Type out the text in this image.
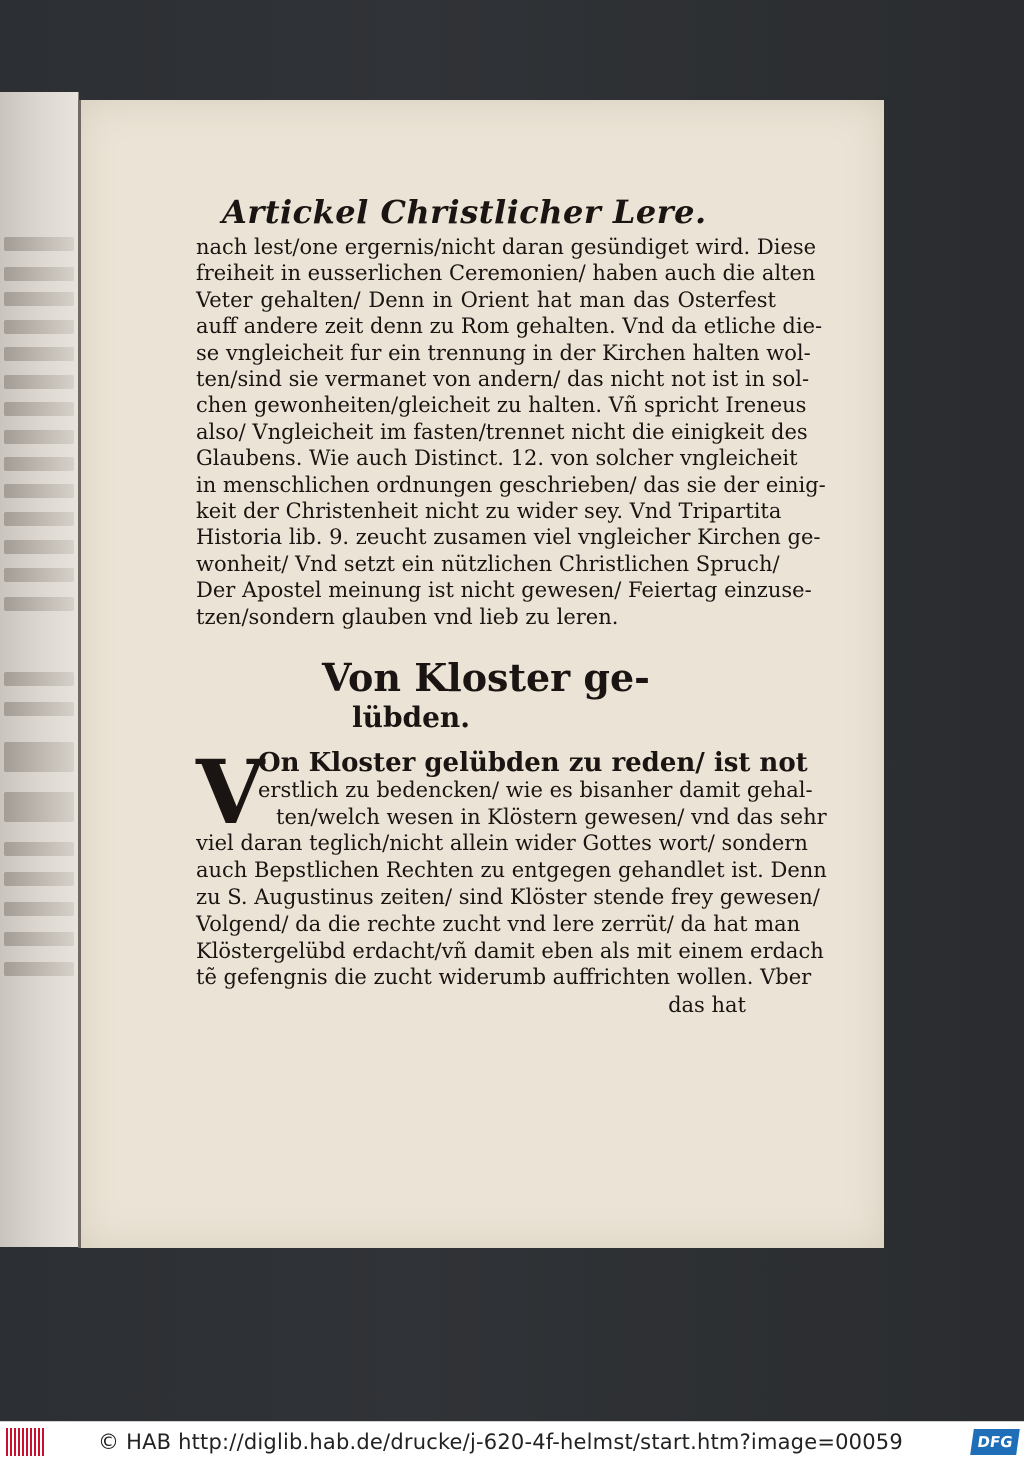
Artickel Christlicher Lere.
nach lest/one ergernis/nicht daran gesündiget wird. Diese
freiheit in eusserlichen Ceremonien/ haben auch die alten
Veter gehalten/ Denn in Orient hat man das Osterfest
auff andere zeit denn zu Rom gehalten. Vnd da etliche die-
se vngleicheit fur ein trennung in der Kirchen halten wol-
ten/sind sie vermanet von andern/ das nicht not ist in sol-
chen gewonheiten/gleicheit zu halten. Vñ spricht Ireneus
also/ Vngleicheit im fasten/trennet nicht die einigkeit des
Glaubens. Wie auch Distinct. 12. von solcher vngleicheit
in menschlichen ordnungen geschrieben/ das sie der einig-
keit der Christenheit nicht zu wider sey. Vnd Tripartita
Historia lib. 9. zeucht zusamen viel vngleicher Kirchen ge-
wonheit/ Vnd setzt ein nützlichen Christlichen Spruch/
Der Apostel meinung ist nicht gewesen/ Feiertag einzuse-
tzen/sondern glauben vnd lieb zu leren.
Von Kloster ge-
lübden.
V
On Kloster gelübden zu reden/ ist not
erstlich zu bedencken/ wie es bisanher damit gehal-
ten/welch wesen in Klöstern gewesen/ vnd das sehr
viel daran teglich/nicht allein wider Gottes wort/ sondern
auch Bepstlichen Rechten zu entgegen gehandlet ist. Denn
zu S. Augustinus zeiten/ sind Klöster stende frey gewesen/
Volgend/ da die rechte zucht vnd lere zerrüt/ da hat man
Klöstergelübd erdacht/vñ damit eben als mit einem erdach
tẽ gefengnis die zucht widerumb auffrichten wollen. Vber
das hat
© HAB http://diglib.hab.de/drucke/j-620-4f-helmst/start.htm?image=00059	DFG
